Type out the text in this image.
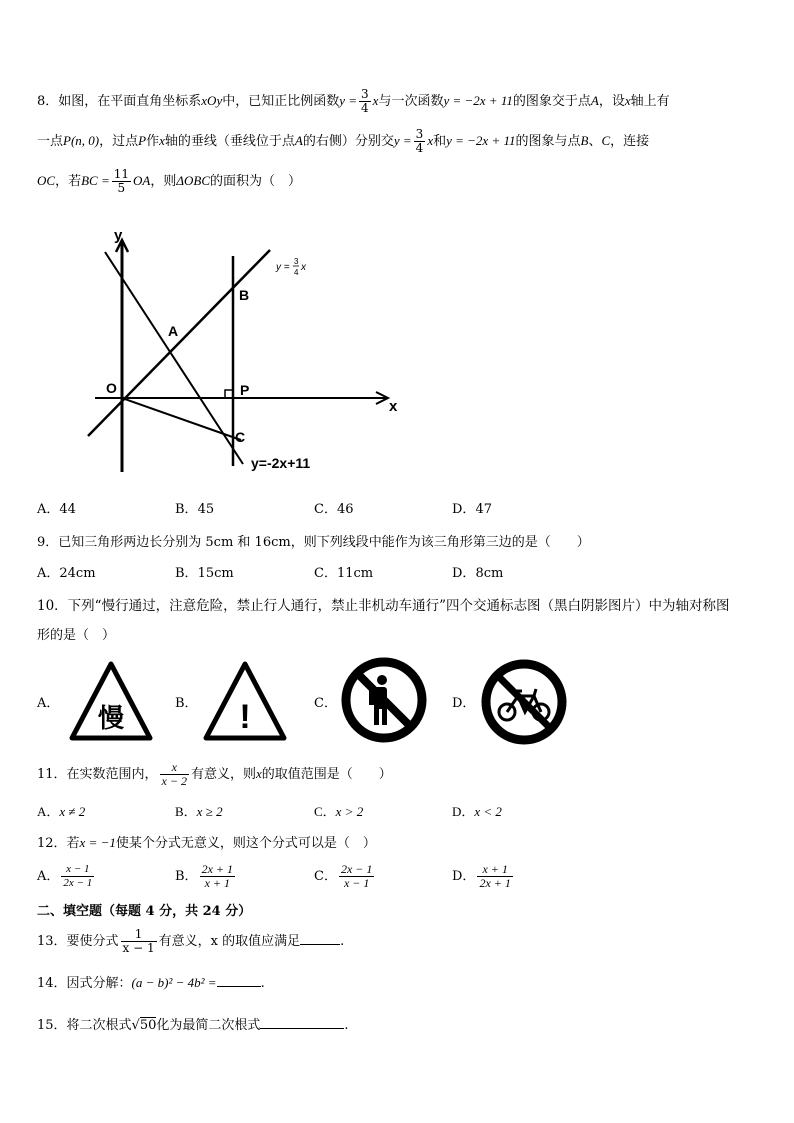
8．如图，在平面直角坐标系xOy中，已知正比例函数$y = \frac{3}{4}$ x与一次函数y = −2x + 11的图象交于点A，设x轴上有
一点P(n, 0)，过点P作x轴的垂线（垂线位于点A的右侧）分别交$y = \frac{3}{4}$ x和y = −2x + 11的图象与点B、C，连接
OC，若BC = $\frac{11}{5}$ OA，则ΔOBC的面积为（　）
y
x
O
A
B
P
C
y =
3
4 x
y=-2x+11
A．44	B．45	C．46	D．47
9．已知三角形两边长分别为 5cm 和 16cm，则下列线段中能作为该三角形第三边的是（　　）
A．24cm	B．15cm	C．11cm	D．8cm
10．下列“慢行通过，注意危险，禁止行人通行，禁止非机动车通行”四个交通标志图（黑白阴影图片）中为轴对称图
形的是（　）
A． 慢	B． !	C．	D．
11．在实数范围内， $\frac{x}{x - 2}$ 有意义，则x的取值范围是（　　）
A．x ≠ 2	B．x ≥ 2	C．x > 2	D．x < 2
12．若x = −1使某个分式无意义，则这个分式可以是（　）
A． $\frac{x - 1}{2x - 1}$	B． $\frac{2x + 1}{x + 1}$	C． $\frac{2x - 1}{x - 1}$	D． $\frac{x + 1}{2x + 1}$
二、填空题（每题 4 分，共 24 分）
13．要使分式 $\frac{1}{x - 1}$ 有意义，x 的取值应满足	.
14．因式分解：(a − b)² − 4b² =	.
15．将二次根式√50化为最简二次根式	.
